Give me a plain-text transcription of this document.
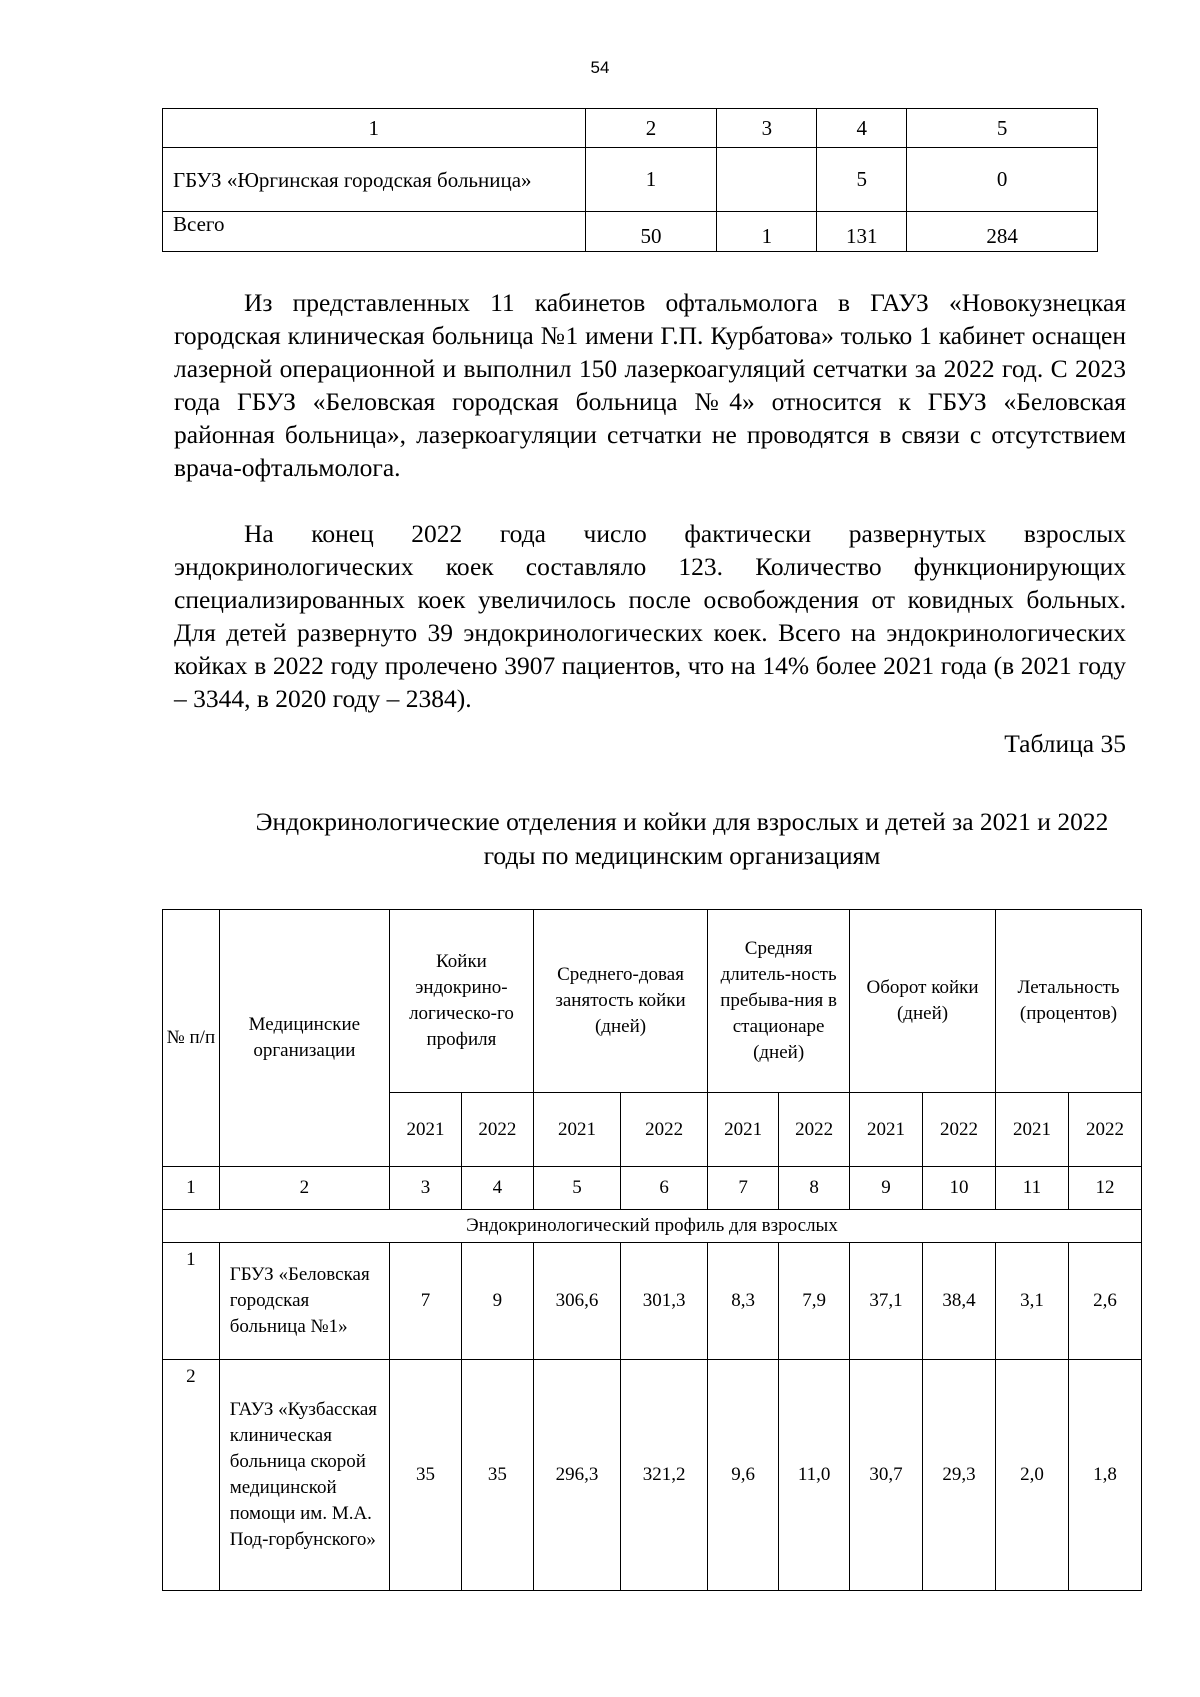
54
1	2	3	4	5
ГБУЗ «Юргинская городская больница»	1		5	0
Всего	50	1	131	284

Из представленных 11 кабинетов офтальмолога в ГАУЗ «Новокузнецкая городская клиническая больница №1 имени Г.П. Курбатова» только 1 кабинет оснащен лазерной операционной и выполнил 150 лазеркоагуляций сетчатки за 2022 год. С 2023 года ГБУЗ «Беловская городская больница №4» относится к ГБУЗ «Беловская районная больница», лазеркоагуляции сетчатки не проводятся в связи с отсутствием врача-офтальмолога.

На конец 2022 года число фактически развернутых взрослых эндокринологических коек составляло 123. Количество функционирующих специализированных коек увеличилось после освобождения от ковидных больных. Для детей развернуто 39 эндокринологических коек. Всего на эндокринологических койках в 2022 году пролечено 3907 пациентов, что на 14% более 2021 года (в 2021 году – 3344, в 2020 году – 2384).

Таблица 35
Эндокринологические отделения и койки для взрослых и детей за 2021 и 2022 годы по медицинским организациям
№ п/п	Медицинские организации	Койки эндокрино-логическо-го профиля		Среднего-довая занятость койки (дней)		Средняя длитель-ность пребыва-ния в стационаре (дней)		Оборот койки (дней)		Летальность (процентов)	
		2021	2022	2021	2022	2021	2022	2021	2022	2021	2022
1	2	3	4	5	6	7	8	9	10	11	12
Эндокринологический профиль для взрослых											
1	ГБУЗ «Беловская городская больница №1»	7	9	306,6	301,3	8,3	7,9	37,1	38,4	3,1	2,6
2	ГАУЗ «Кузбасская клиническая больница скорой медицинской помощи им. М.А. Под-горбунского»	35	35	296,3	321,2	9,6	11,0	30,7	29,3	2,0	1,8
